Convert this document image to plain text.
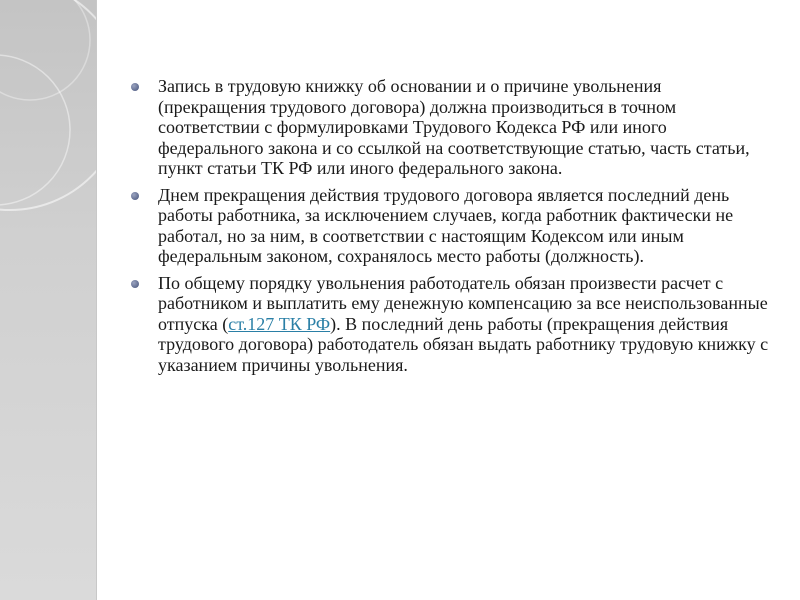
Запись в трудовую книжку об основании и о причине увольнения (прекращения трудового договора) должна производиться в точном соответствии с формулировками Трудового Кодекса РФ или иного федерального закона и со ссылкой на соответствующие статью, часть статьи, пункт статьи ТК РФ или иного федерального закона.
Днем прекращения действия трудового договора является последний день работы работника, за исключением случаев, когда работник фактически не работал, но за ним, в соответствии с настоящим Кодексом или иным федеральным законом, сохранялось место работы (должность).
По общему порядку увольнения работодатель обязан произвести расчет с работником и выплатить ему денежную компенсацию за все неиспользованные отпуска (ст.127 ТК РФ). В последний день работы (прекращения действия трудового договора) работодатель обязан выдать работнику трудовую книжку с указанием причины увольнения.
